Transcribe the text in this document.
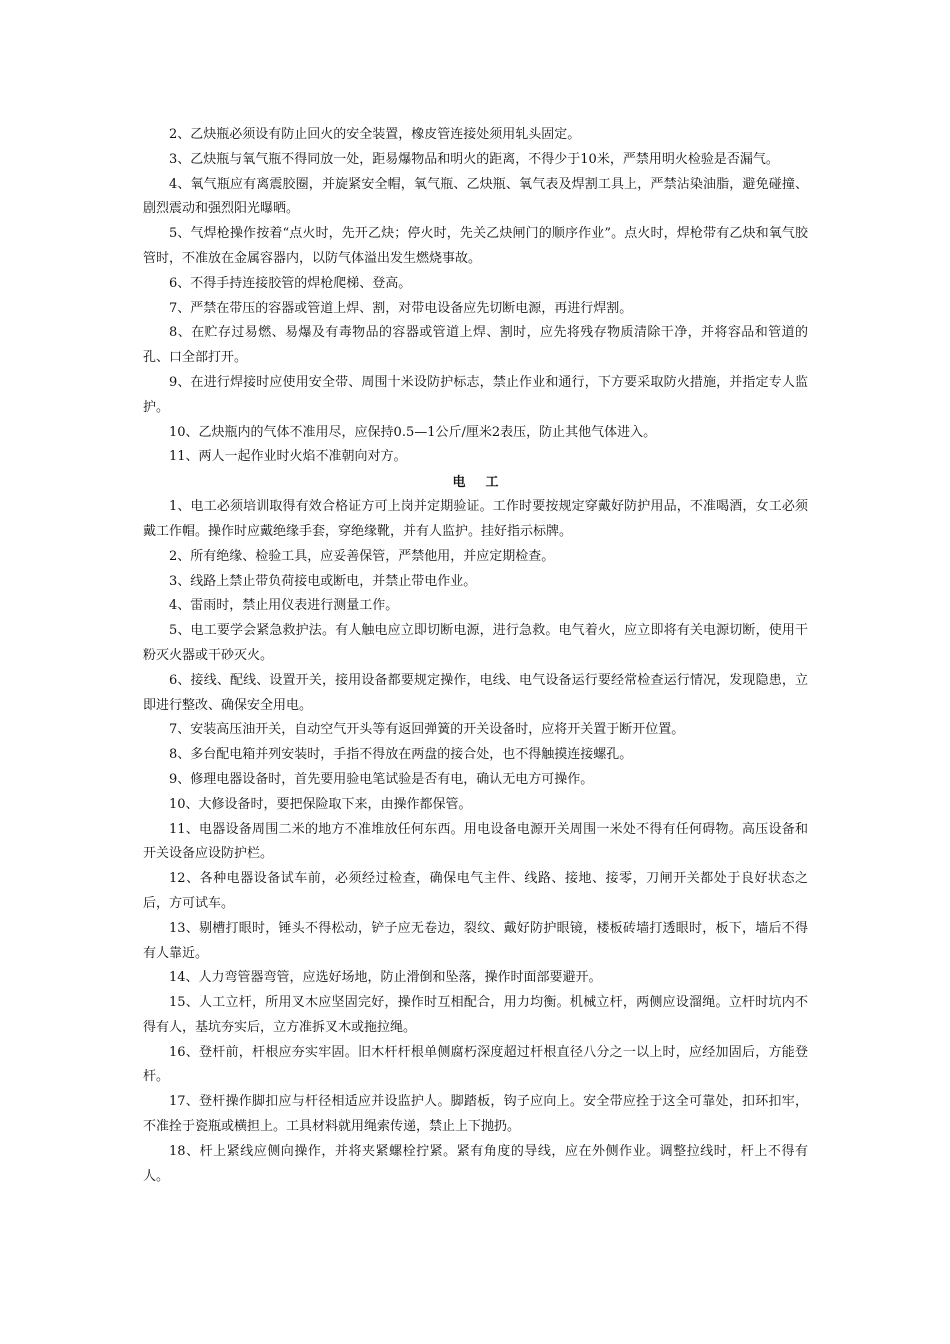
2、乙炔瓶必须设有防止回火的安全装置，橡皮管连接处须用轧头固定。

3、乙炔瓶与氧气瓶不得同放一处，距易爆物品和明火的距离，不得少于10米，严禁用明火检验是否漏气。

4、氧气瓶应有离震胶圈，并旋紧安全帽，氧气瓶、乙炔瓶、氧气表及焊割工具上，严禁沾染油脂，避免碰撞、剧烈震动和强烈阳光曝晒。

5、气焊枪操作按着“点火时，先开乙炔；停火时，先关乙炔闸门的顺序作业”。点火时，焊枪带有乙炔和氧气胶管时，不准放在金属容器内，以防气体溢出发生燃烧事故。

6、不得手持连接胶管的焊枪爬梯、登高。

7、严禁在带压的容器或管道上焊、割，对带电设备应先切断电源，再进行焊割。

8、在贮存过易燃、易爆及有毒物品的容器或管道上焊、割时，应先将残存物质清除干净，并将容品和管道的孔、口全部打开。

9、在进行焊接时应使用安全带、周围十米设防护标志，禁止作业和通行，下方要采取防火措施，并指定专人监护。

10、乙炔瓶内的气体不准用尽，应保持0.5—1公斤/厘米2表压，防止其他气体进入。

11、两人一起作业时火焰不准朝向对方。

电工

1、电工必须培训取得有效合格证方可上岗并定期验证。工作时要按规定穿戴好防护用品，不准喝酒，女工必须戴工作帽。操作时应戴绝缘手套，穿绝缘靴，并有人监护。挂好指示标牌。

2、所有绝缘、检验工具，应妥善保管，严禁他用，并应定期检查。

3、线路上禁止带负荷接电或断电，并禁止带电作业。

4、雷雨时，禁止用仪表进行测量工作。

5、电工要学会紧急救护法。有人触电应立即切断电源，进行急救。电气着火，应立即将有关电源切断，使用干粉灭火器或干砂灭火。

6、接线、配线、设置开关，接用设备都要规定操作，电线、电气设备运行要经常检查运行情况，发现隐患，立即进行整改、确保安全用电。

7、安装高压油开关，自动空气开头等有返回弹簧的开关设备时，应将开关置于断开位置。

8、多台配电箱并列安装时，手指不得放在两盘的接合处，也不得触摸连接螺孔。

9、修理电器设备时，首先要用验电笔试验是否有电，确认无电方可操作。

10、大修设备时，要把保险取下来，由操作都保管。

11、电器设备周围二米的地方不准堆放任何东西。用电设备电源开关周围一米处不得有任何碍物。高压设备和开关设备应设防护栏。

12、各种电器设备试车前，必须经过检查，确保电气主件、线路、接地、接零，刀闸开关都处于良好状态之后，方可试车。

13、剔槽打眼时，锤头不得松动，铲子应无卷边，裂纹、戴好防护眼镜，楼板砖墙打透眼时，板下，墙后不得有人靠近。

14、人力弯管器弯管，应选好场地，防止滑倒和坠落，操作时面部要避开。

15、人工立杆，所用叉木应坚固完好，操作时互相配合，用力均衡。机械立杆，两侧应设溜绳。立杆时坑内不得有人，基坑夯实后，立方准拆叉木或拖拉绳。

16、登杆前，杆根应夯实牢固。旧木杆杆根单侧腐朽深度超过杆根直径八分之一以上时，应经加固后，方能登杆。

17、登杆操作脚扣应与杆径相适应并设监护人。脚踏板，钩子应向上。安全带应拴于这全可靠处，扣环扣牢，不准拴于瓷瓶或横担上。工具材料就用绳索传递，禁止上下抛扔。

18、杆上紧线应侧向操作，并将夹紧螺栓拧紧。紧有角度的导线，应在外侧作业。调整拉线时，杆上不得有人。
